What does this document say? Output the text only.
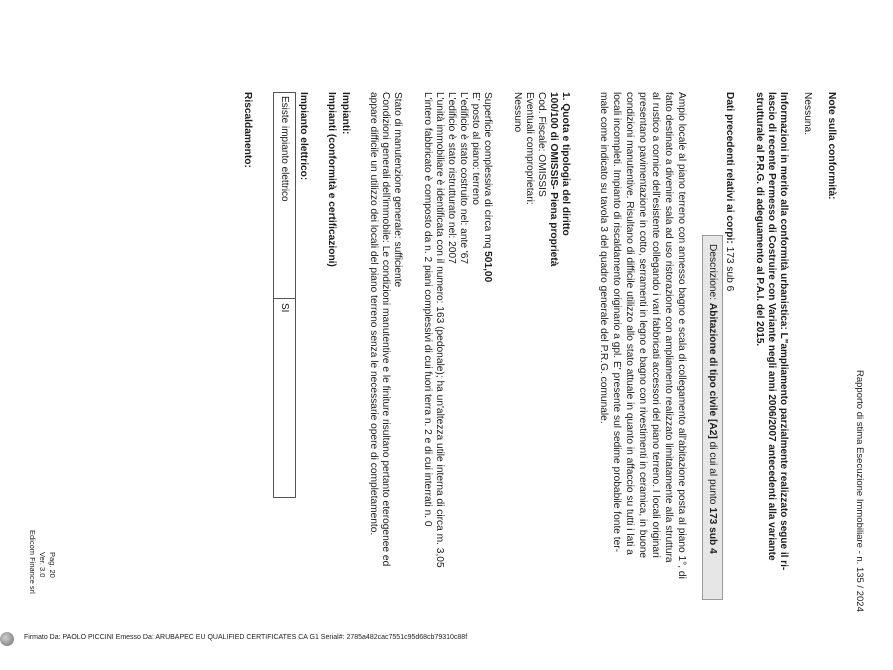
Rapporto di stima Esecuzione Immobiliare - n. 135 / 2024
Note sulla conformità:
Nessuna.
Informazioni in merito alla conformità urbanistica: L"ampliamento parzialmente realizzato segue il ri-
lascio di recente Permesso di Costruire con Variante negli anni 2006/2007 antecedenti alla variante
strutturale al P.R.G. di adeguamento al P.A.I. del 2015.
Dati precedenti relativi ai corpi: 173 sub 6
Descrizione: Abitazione di tipo civile [A2] di cui al punto 173 sub 4
Ampio locale al piano terreno con annesso bagno e scala di collegamento all'abitazione posta al piano 1°, di
fatto destinato a divenire sala ad uso ristorazione con ampliamento realizzato limitatamente alla struttura
al rustico a cornice dell'esistente collegando i vari fabbricati accessori del piano terreno. I locali originari
presentano pavimentazione in cotto, serramenti in legno e bagno con rivestimenti in ceramica, in buone
condizioni manutentive. Risultano di difficile utilizzo allo stato attuale in quanto in affaccio su tutti i lati a
locali incompleti. Impianto di riscaldamento originario a gpl. E' presente sul sedime probabile fonte ter-
male come indicato su tavola 3 del quadro generale del P.R.G. comunale.
1. Quota e tipologia del diritto
100/100 di OMISSIS- Piena proprietà
Cod. Fiscale: OMISSIS
Eventuali comproprietari:
Nessuno
Superficie complessiva di circa mq 501,00
E' posto al piano: terreno
L'edificio è stato costruito nel: ante '67
L'edificio è stato ristrutturato nel: 2007
L'unità immobiliare è identificata con il numero: 163 (pedonale); ha un'altezza utile interna di circa m. 3,05
L'intero fabbricato è composto da n. 2 piani complessivi di cui fuori terra n. 2 e di cui interrati n. 0
Stato di manutenzione generale: sufficiente
Condizioni generali dell'immobile: Le condizioni manutentive e le finiture risultano pertanto eterogenee ed
appare difficile un utilizzo dei locali del piano terreno senza le necessarie opere di completamento.
Impianti:
Impianti (conformità e certificazioni)
Impianto elettrico:
Esiste impianto elettrico
SI
Riscaldamento:
Pag. 20
Ver. 3.0
Edicom Finance srl
Firmato Da: PAOLO PICCINI Emesso Da: ARUBAPEC EU QUALIFIED CERTIFICATES CA G1 Serial#: 2785a482cac7551c95d68cb79310c88f
